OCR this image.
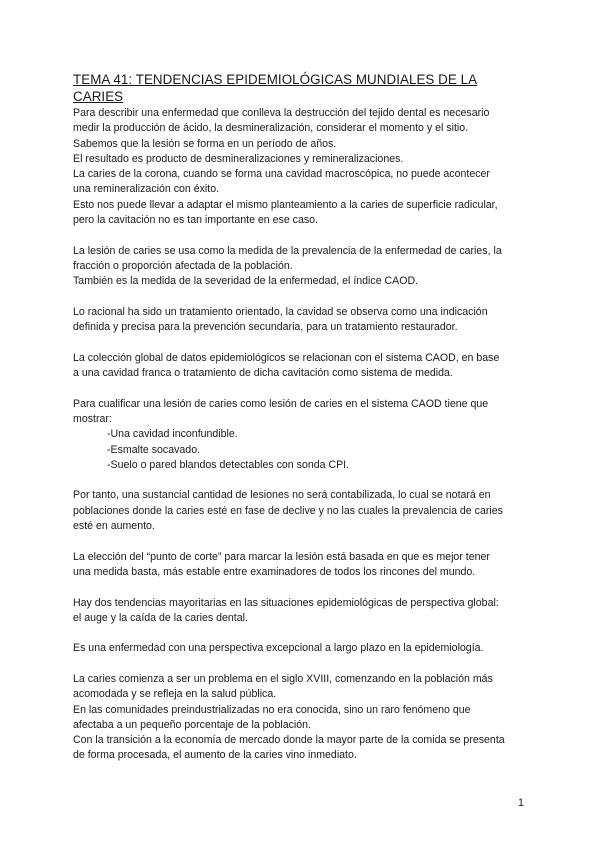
TEMA 41: TENDENCIAS EPIDEMIOLÓGICAS MUNDIALES DE LA
CARIES

Para describir una enfermedad que conlleva la destrucción del tejido dental es necesario

medir la producción de ácido, la desmineralización, considerar el momento y el sitio.

Sabemos que la lesión se forma en un período de años.

El resultado es producto de desmineralizaciones y remineralizaciones.

La caries de la corona, cuando se forma una cavidad macroscópica, no puede acontecer

una remineralización con éxito.

Esto nos puede llevar a adaptar el mismo planteamiento a la caries de superficie radicular,

pero la cavitación no es tan importante en ese caso.

La lesión de caries se usa como la medida de la prevalencia de la enfermedad de caries, la

fracción o proporción afectada de la población.

También es la medida de la severidad de la enfermedad, el índice CAOD.

Lo racional ha sido un tratamiento orientado, la cavidad se observa como una indicación

definida y precisa para la prevención secundaria, para un tratamiento restaurador.

La colección global de datos epidemiológicos se relacionan con el sistema CAOD, en base

a una cavidad franca o tratamiento de dicha cavitación como sistema de medida.

Para cualificar una lesión de caries como lesión de caries en el sistema CAOD tiene que

mostrar:

-Una cavidad inconfundible.

-Esmalte socavado.

-Suelo o pared blandos detectables con sonda CPI.

Por tanto, una sustancial cantidad de lesiones no será contabilizada, lo cual se notará en

poblaciones donde la caries esté en fase de declive y no las cuales la prevalencia de caries

esté en aumento.

La elección del “punto de corte” para marcar la lesión está basada en que es mejor tener

una medida basta, más estable entre examinadores de todos los rincones del mundo.

Hay dos tendencias mayoritarias en las situaciones epidemiológicas de perspectiva global:

el auge y la caída de la caries dental.

Es una enfermedad con una perspectiva excepcional a largo plazo en la epidemiología.

La caries comienza a ser un problema en el siglo XVIII, comenzando en la población más

acomodada y se refleja en la salud pública.

En las comunidades preindustrializadas no era conocida, sino un raro fenómeno que

afectaba a un pequeño porcentaje de la población.

Con la transición a la economía de mercado donde la mayor parte de la comida se presenta

de forma procesada, el aumento de la caries vino inmediato.

1
